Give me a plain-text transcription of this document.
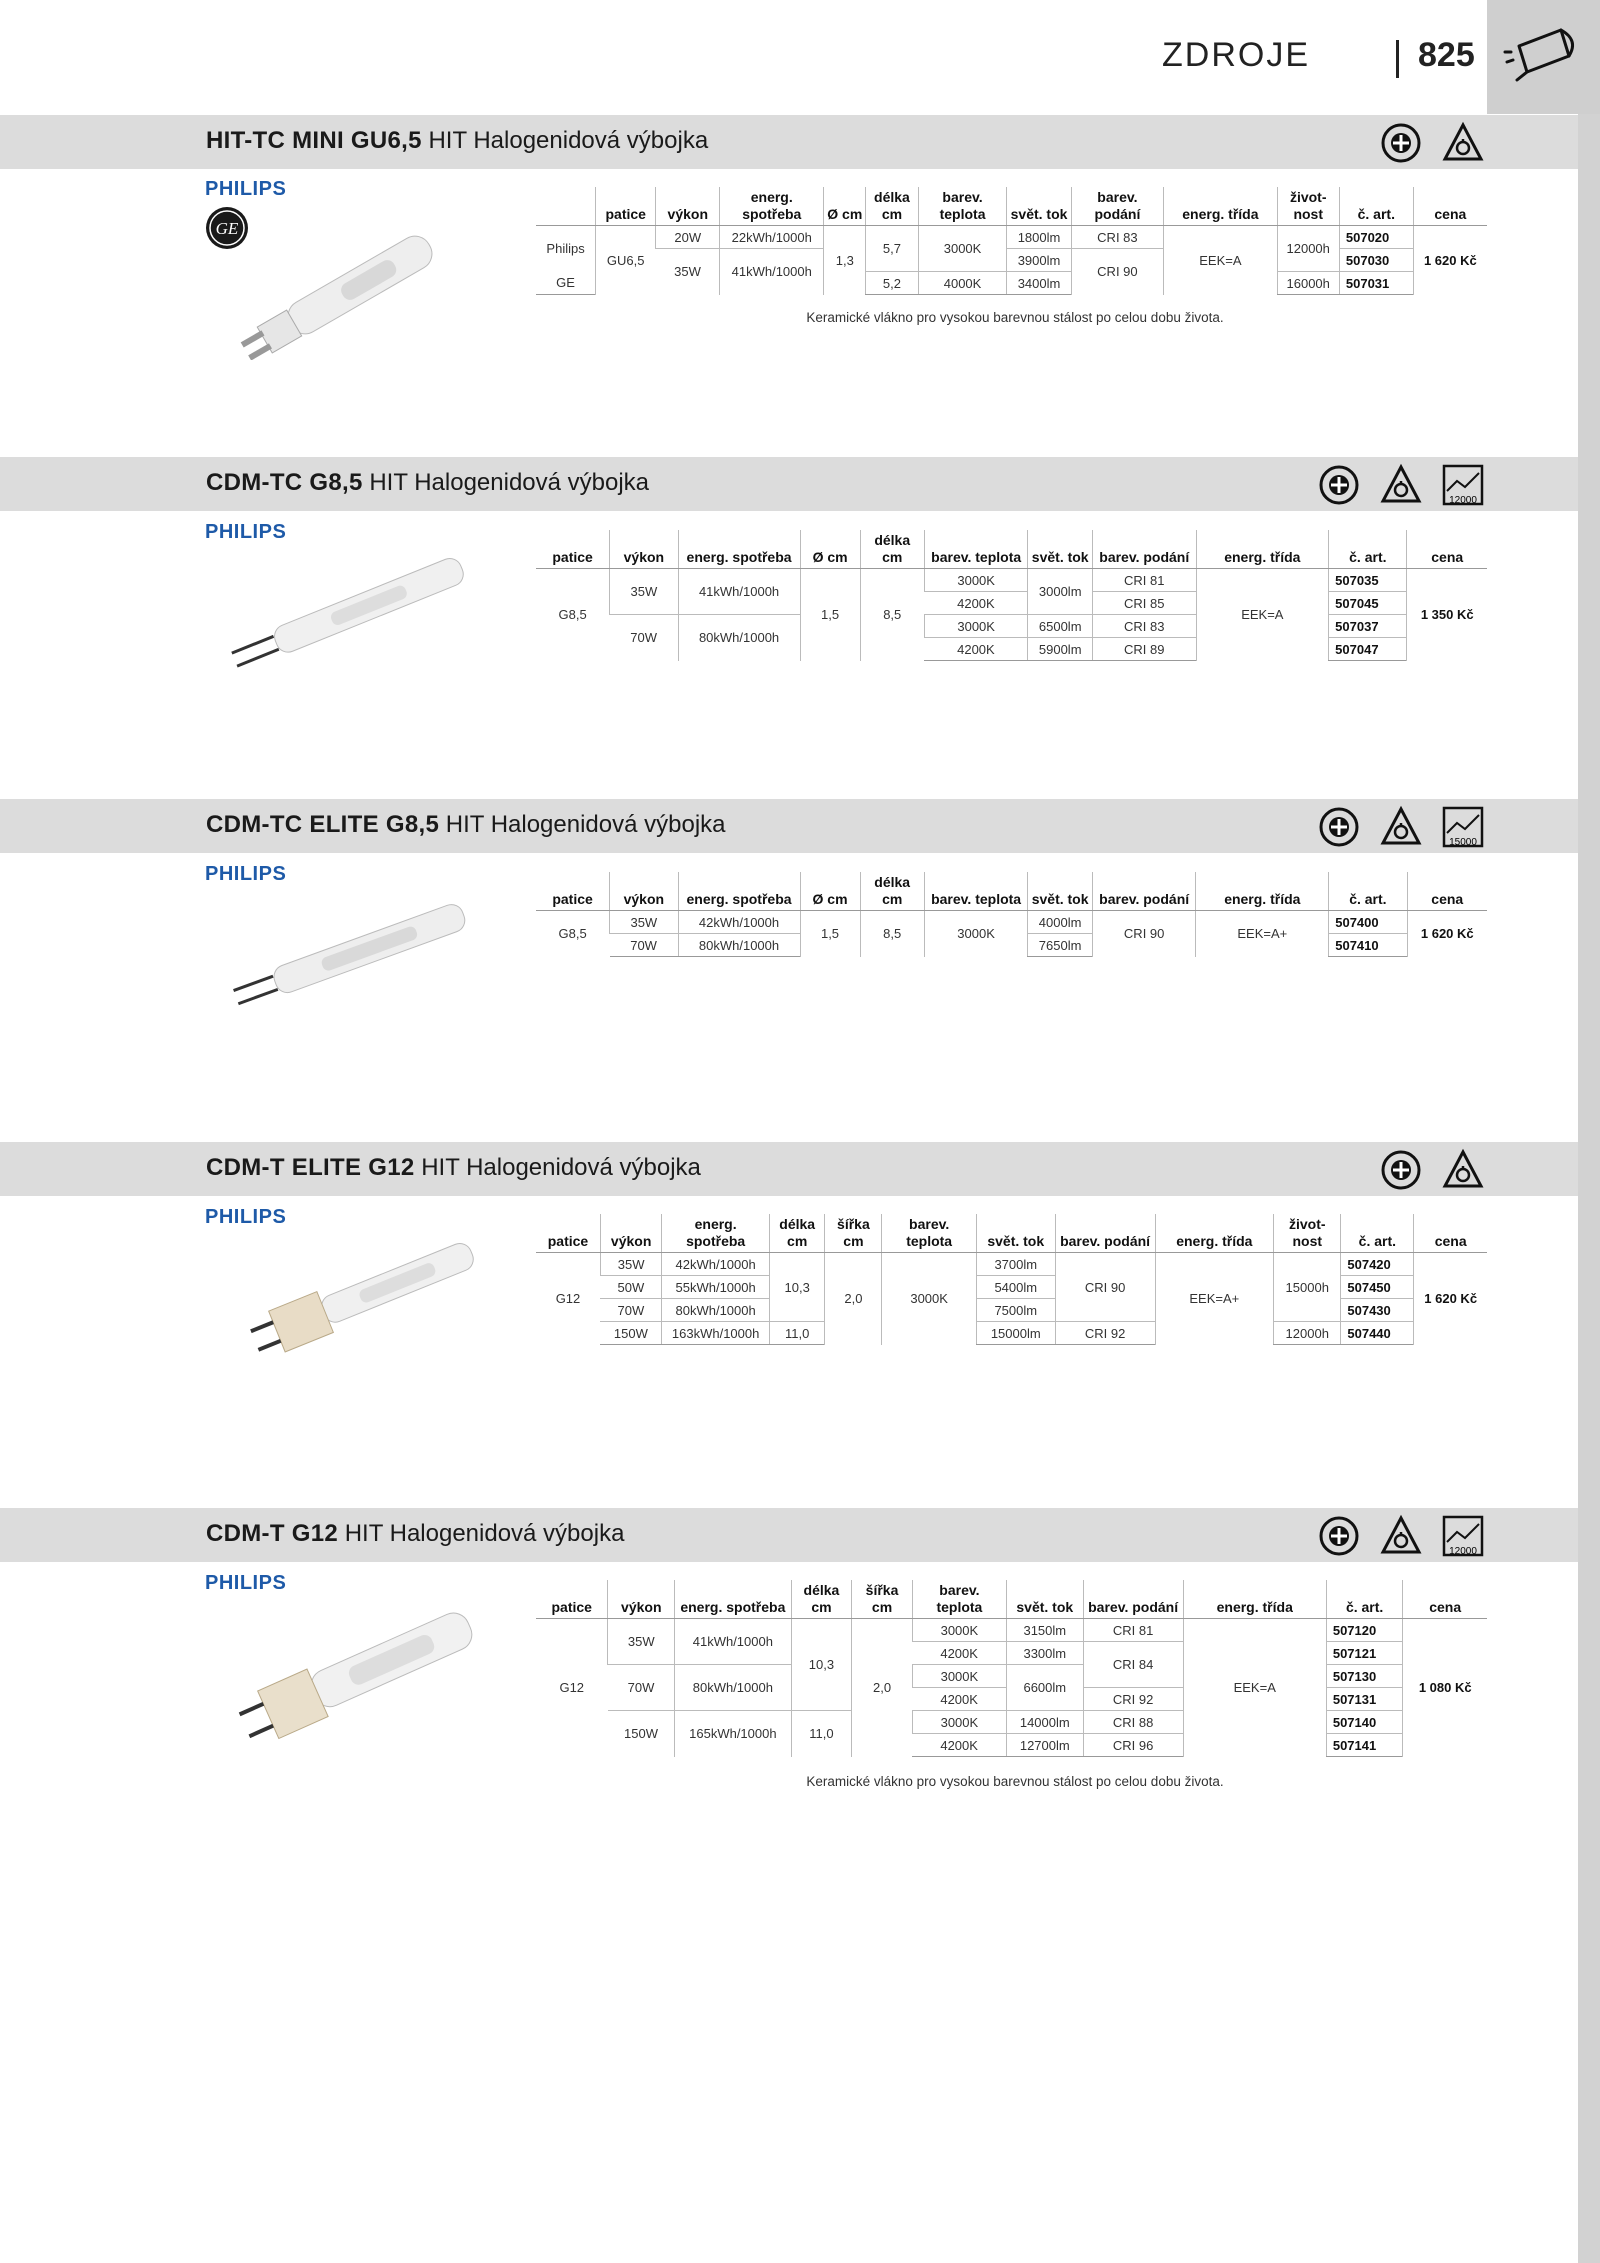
ZDROJE	825
HIT-TC MINI GU6,5 HIT Halogenidová výbojka
PHILIPS
GE
	patice	výkon	energ. spotřeba	Ø cm	délka cm	barev. teplota	svět. tok	barev. podání	energ. třída	život-nost	č. art.	cena
Philips	GU6,5	20W	22kWh/1000h	1,3	5,7	3000K	1800lm	CRI 83	EEK=A	12000h	507020	1 620 Kč
		35W	41kWh/1000h				3900lm	CRI 90			507030	
GE					5,2	4000K	3400lm			16000h	507031	
Keramické vlákno pro vysokou barevnou stálost po celou dobu života.
CDM-TC G8,5 HIT Halogenidová výbojka
12000
PHILIPS
patice	výkon	energ. spotřeba	Ø cm	délka cm	barev. teplota	svět. tok	barev. podání	energ. třída	č. art.	cena
G8,5	35W	41kWh/1000h	1,5	8,5	3000K	3000lm	CRI 81	EEK=A	507035	1 350 Kč
					4200K		CRI 85		507045	
	70W	80kWh/1000h			3000K	6500lm	CRI 83		507037	
					4200K	5900lm	CRI 89		507047	
CDM-TC ELITE G8,5 HIT Halogenidová výbojka
15000
PHILIPS
patice	výkon	energ. spotřeba	Ø cm	délka cm	barev. teplota	svět. tok	barev. podání	energ. třída	č. art.	cena
G8,5	35W	42kWh/1000h	1,5	8,5	3000K	4000lm	CRI 90	EEK=A+	507400	1 620 Kč
	70W	80kWh/1000h				7650lm			507410	
CDM-T ELITE G12 HIT Halogenidová výbojka
PHILIPS
patice	výkon	energ. spotřeba	délka cm	šířka cm	barev. teplota	svět. tok	barev. podání	energ. třída	život-nost	č. art.	cena
G12	35W	42kWh/1000h	10,3	2,0	3000K	3700lm	CRI 90	EEK=A+	15000h	507420	1 620 Kč
	50W	55kWh/1000h				5400lm				507450	
	70W	80kWh/1000h				7500lm				507430	
	150W	163kWh/1000h	11,0			15000lm	CRI 92		12000h	507440	
CDM-T G12 HIT Halogenidová výbojka
12000
PHILIPS
patice	výkon	energ. spotřeba	délka cm	šířka cm	barev. teplota	svět. tok	barev. podání	energ. třída	č. art.	cena
G12	35W	41kWh/1000h	10,3	2,0	3000K	3150lm	CRI 81	EEK=A	507120	1 080 Kč
					4200K	3300lm	CRI 84		507121	
	70W	80kWh/1000h			3000K	6600lm			507130	
					4200K		CRI 92		507131	
	150W	165kWh/1000h	11,0		3000K	14000lm	CRI 88		507140	
					4200K	12700lm	CRI 96		507141	
Keramické vlákno pro vysokou barevnou stálost po celou dobu života.
